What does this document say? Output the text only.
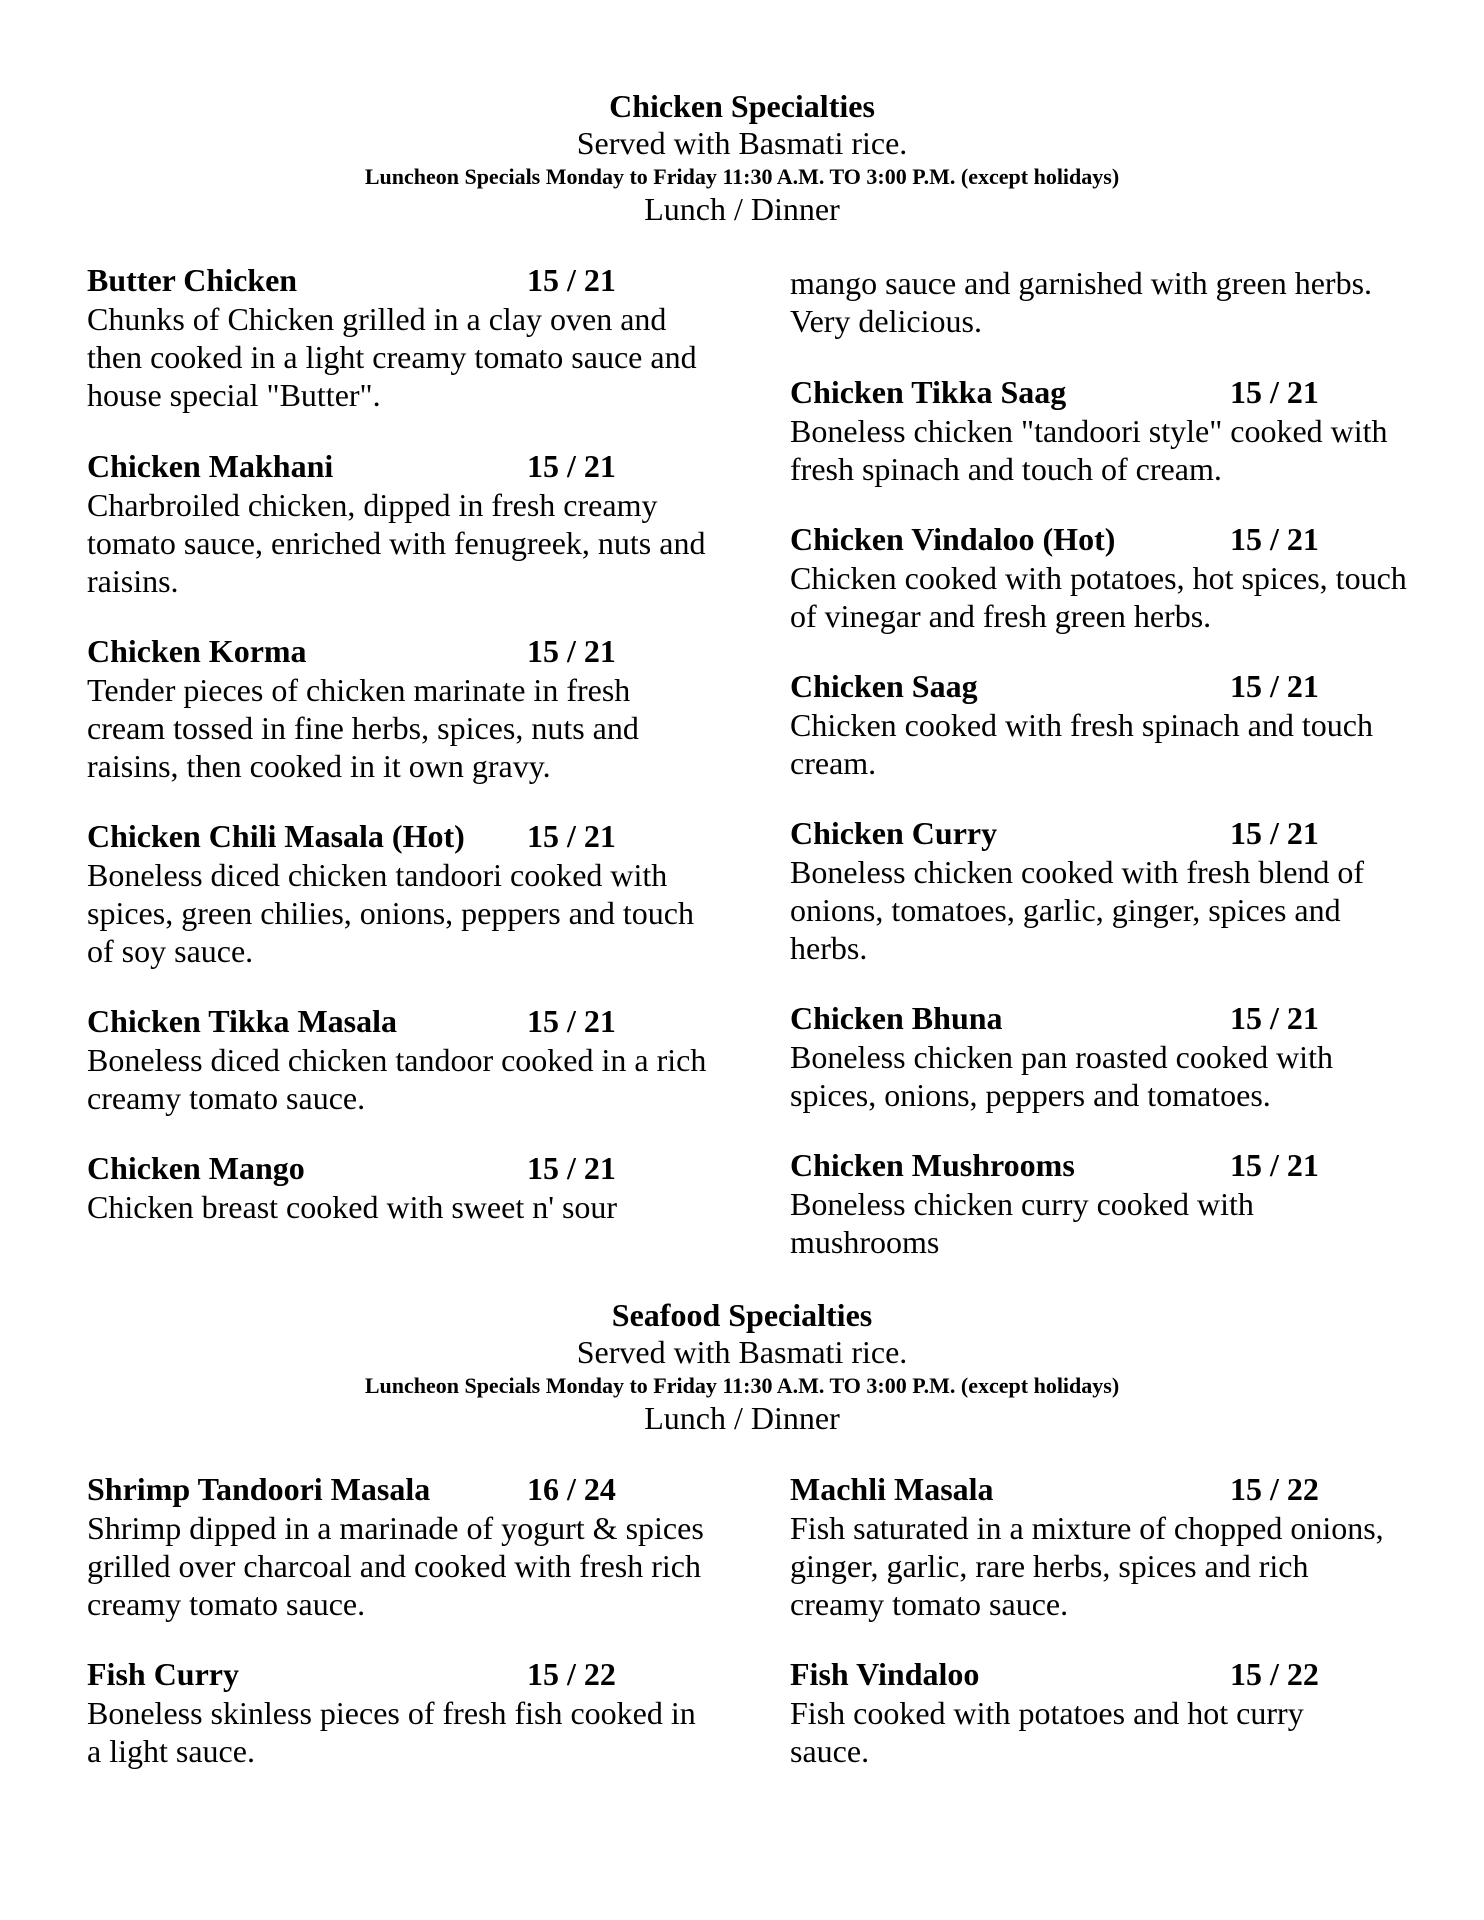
Chicken Specialties
Served with Basmati rice.
Luncheon Specials Monday to Friday 11:30 A.M. TO 3:00 P.M. (except holidays)
Lunch / Dinner
Butter Chicken	15 / 21
Chunks of Chicken grilled in a clay oven and then cooked in a light creamy tomato sauce and house special "Butter".
Chicken Makhani	15 / 21
Charbroiled chicken, dipped in fresh creamy tomato sauce, enriched with fenugreek, nuts and raisins.
Chicken Korma	15 / 21
Tender pieces of chicken marinate in fresh cream tossed in fine herbs, spices, nuts and raisins, then cooked in it own gravy.
Chicken Chili Masala (Hot) 15 / 21
Boneless diced chicken tandoori cooked with spices, green chilies, onions, peppers and touch of soy sauce.
Chicken Tikka Masala	15 / 21
Boneless diced chicken tandoor cooked in a rich creamy tomato sauce.
Chicken Mango	15 / 21
Chicken breast cooked with sweet n' sour
mango sauce and garnished with green herbs. Very delicious.
Chicken Tikka Saag	15 / 21
Boneless chicken "tandoori style" cooked with fresh spinach and touch of cream.
Chicken Vindaloo (Hot)	15 / 21
Chicken cooked with potatoes, hot spices, touch of vinegar and fresh green herbs.
Chicken Saag	15 / 21
Chicken cooked with fresh spinach and touch cream.
Chicken Curry	15 / 21
Boneless chicken cooked with fresh blend of onions, tomatoes, garlic, ginger, spices and herbs.
Chicken Bhuna	15 / 21
Boneless chicken pan roasted cooked with spices, onions, peppers and tomatoes.
Chicken Mushrooms	15 / 21
Boneless chicken curry cooked with mushrooms
Seafood Specialties
Served with Basmati rice.
Luncheon Specials Monday to Friday 11:30 A.M. TO 3:00 P.M. (except holidays)
Lunch / Dinner
Shrimp Tandoori Masala	16 / 24
Shrimp dipped in a marinade of yogurt & spices grilled over charcoal and cooked with fresh rich creamy tomato sauce.
Fish Curry	15 / 22
Boneless skinless pieces of fresh fish cooked in a light sauce.
Machli Masala	15 / 22
Fish saturated in a mixture of chopped onions, ginger, garlic, rare herbs, spices and rich creamy tomato sauce.
Fish Vindaloo	15 / 22
Fish cooked with potatoes and hot curry sauce.
